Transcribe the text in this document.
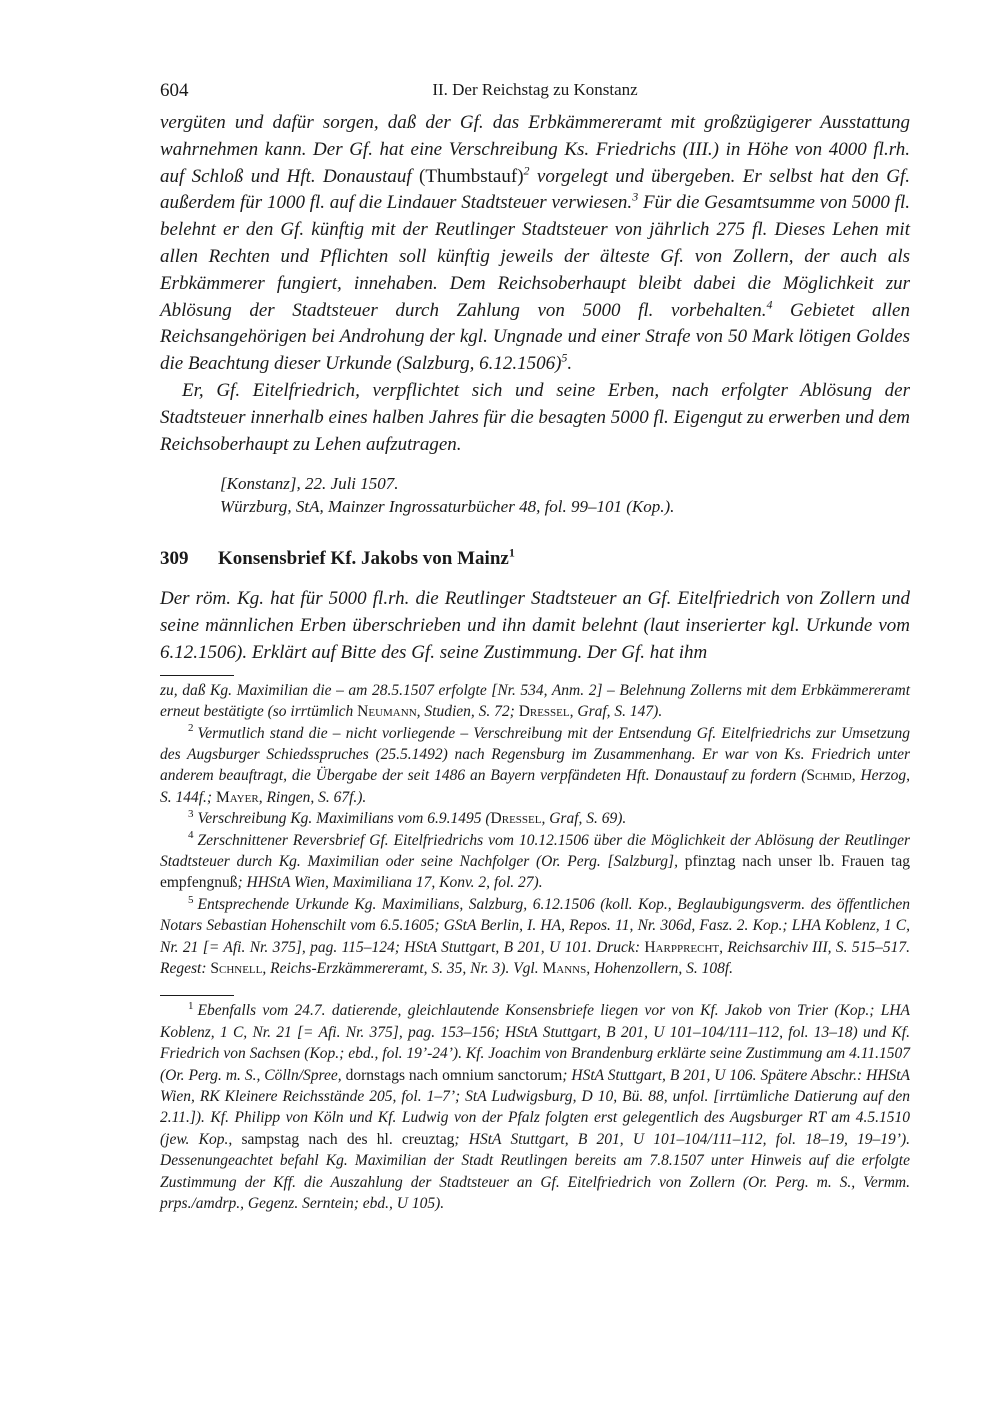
604	II. Der Reichstag zu Konstanz

vergüten und dafür sorgen, daß der Gf. das Erbkämmereramt mit großzügigerer Ausstattung wahrnehmen kann. Der Gf. hat eine Verschreibung Ks. Friedrichs (III.) in Höhe von 4000 fl.rh. auf Schloß und Hft. Donaustauf (Thumbstauf)$^2$ vorgelegt und übergeben. Er selbst hat den Gf. außerdem für 1000 fl. auf die Lindauer Stadtsteuer verwiesen.$^3$ Für die Gesamtsumme von 5000 fl. belehnt er den Gf. künftig mit der Reutlinger Stadtsteuer von jährlich 275 fl. Dieses Lehen mit allen Rechten und Pflichten soll künftig jeweils der älteste Gf. von Zollern, der auch als Erbkämmerer fungiert, innehaben. Dem Reichsoberhaupt bleibt dabei die Möglichkeit zur Ablösung der Stadtsteuer durch Zahlung von 5000 fl. vorbehalten.$^4$ Gebietet allen Reichsangehörigen bei Androhung der kgl. Ungnade und einer Strafe von 50 Mark lötigen Goldes die Beachtung dieser Urkunde (Salzburg, 6.12.1506)$^5$.

Er, Gf. Eitelfriedrich, verpflichtet sich und seine Erben, nach erfolgter Ablösung der Stadtsteuer innerhalb eines halben Jahres für die besagten 5000 fl. Eigengut zu erwerben und dem Reichsoberhaupt zu Lehen aufzutragen.

[Konstanz], 22. Juli 1507.
Würzburg, StA, Mainzer Ingrossaturbücher 48, fol. 99–101 (Kop.).
309 Konsensbrief Kf. Jakobs von Mainz$^1$

Der röm. Kg. hat für 5000 fl.rh. die Reutlinger Stadtsteuer an Gf. Eitelfriedrich von Zollern und seine männlichen Erben überschrieben und ihn damit belehnt (laut inserierter kgl. Urkunde vom 6.12.1506). Erklärt auf Bitte des Gf. seine Zustimmung. Der Gf. hat ihm

zu, daß Kg. Maximilian die – am 28.5.1507 erfolgte [Nr. 534, Anm. 2] – Belehnung Zollerns mit dem Erbkämmereramt erneut bestätigte (so irrtümlich Neumann, Studien, S. 72; Dressel, Graf, S. 147).

$^2$ Vermutlich stand die – nicht vorliegende – Verschreibung mit der Entsendung Gf. Eitelfriedrichs zur Umsetzung des Augsburger Schiedsspruches (25.5.1492) nach Regensburg im Zusammenhang. Er war von Ks. Friedrich unter anderem beauftragt, die Übergabe der seit 1486 an Bayern verpfändeten Hft. Donaustauf zu fordern (Schmid, Herzog, S. 144f.; Mayer, Ringen, S. 67f.).

$^3$ Verschreibung Kg. Maximilians vom 6.9.1495 (Dressel, Graf, S. 69).

$^4$ Zerschnittener Reversbrief Gf. Eitelfriedrichs vom 10.12.1506 über die Möglichkeit der Ablösung der Reutlinger Stadtsteuer durch Kg. Maximilian oder seine Nachfolger (Or. Perg. [Salzburg], pfinztag nach unser lb. Frauen tag empfengnuß; HHStA Wien, Maximiliana 17, Konv. 2, fol. 27).

$^5$ Entsprechende Urkunde Kg. Maximilians, Salzburg, 6.12.1506 (koll. Kop., Beglaubigungsverm. des öffentlichen Notars Sebastian Hohenschilt vom 6.5.1605; GStA Berlin, I. HA, Repos. 11, Nr. 306d, Fasz. 2. Kop.; LHA Koblenz, 1 C, Nr. 21 [= Afi. Nr. 375], pag. 115–124; HStA Stuttgart, B 201, U 101. Druck: Harpprecht, Reichsarchiv III, S. 515–517. Regest: Schnell, Reichs-Erzkämmereramt, S. 35, Nr. 3). Vgl. Manns, Hohenzollern, S. 108f.

$^1$ Ebenfalls vom 24.7. datierende, gleichlautende Konsensbriefe liegen vor von Kf. Jakob von Trier (Kop.; LHA Koblenz, 1 C, Nr. 21 [= Afi. Nr. 375], pag. 153–156; HStA Stuttgart, B 201, U 101–104/111–112, fol. 13–18) und Kf. Friedrich von Sachsen (Kop.; ebd., fol. 19’-24’). Kf. Joachim von Brandenburg erklärte seine Zustimmung am 4.11.1507 (Or. Perg. m. S., Cölln/Spree, dornstags nach omnium sanctorum; HStA Stuttgart, B 201, U 106. Spätere Abschr.: HHStA Wien, RK Kleinere Reichsstände 205, fol. 1–7’; StA Ludwigsburg, D 10, Bü. 88, unfol. [irrtümliche Datierung auf den 2.11.]). Kf. Philipp von Köln und Kf. Ludwig von der Pfalz folgten erst gelegentlich des Augsburger RT am 4.5.1510 (jew. Kop., sampstag nach des hl. creuztag; HStA Stuttgart, B 201, U 101–104/111–112, fol. 18–19, 19–19’). Dessenungeachtet befahl Kg. Maximilian der Stadt Reutlingen bereits am 7.8.1507 unter Hinweis auf die erfolgte Zustimmung der Kff. die Auszahlung der Stadtsteuer an Gf. Eitelfriedrich von Zollern (Or. Perg. m. S., Vermm. prps./amdrp., Gegenz. Serntein; ebd., U 105).
